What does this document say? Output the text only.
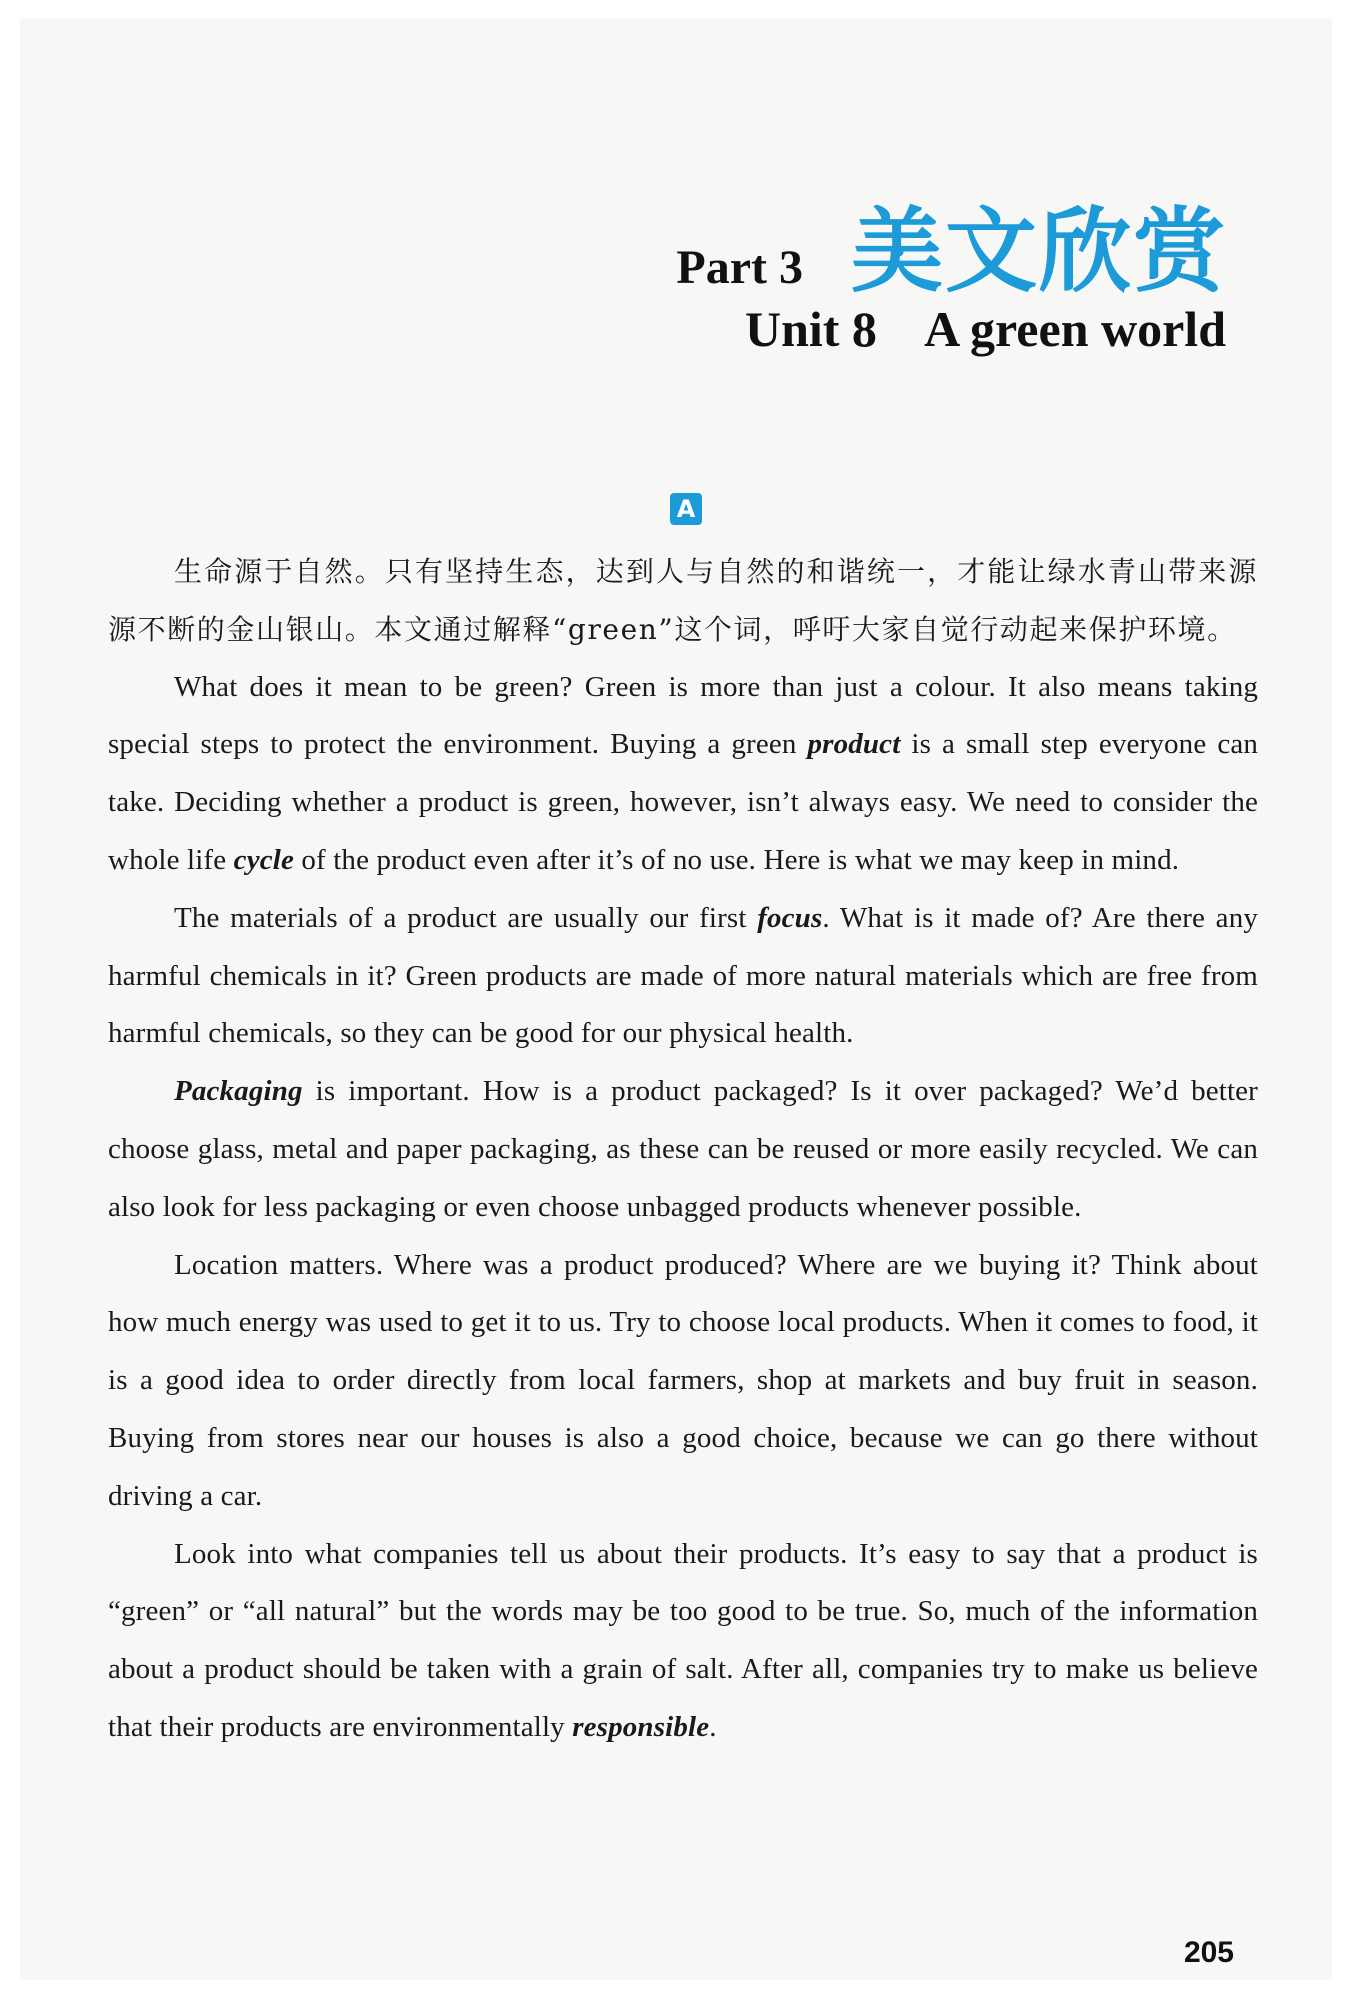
Part 3 美文欣赏
Unit 8    A green world
A

生命源于自然。只有坚持生态，达到人与自然的和谐统一，才能让绿水青山带来源源不断的金山银山。本文通过解释“green”这个词，呼吁大家自觉行动起来保护环境。

What does it mean to be green? Green is more than just a colour. It also means taking special steps to protect the environment. Buying a green product is a small step everyone can take. Deciding whether a product is green, however, isn’t always easy. We need to consider the whole life cycle of the product even after it’s of no use. Here is what we may keep in mind.

The materials of a product are usually our first focus. What is it made of? Are there any harmful chemicals in it? Green products are made of more natural materials which are free from harmful chemicals, so they can be good for our physical health.

Packaging is important. How is a product packaged? Is it over packaged? We’d better choose glass, metal and paper packaging, as these can be reused or more easily recycled. We can also look for less packaging or even choose unbagged products whenever possible.

Location matters. Where was a product produced? Where are we buying it? Think about how much energy was used to get it to us. Try to choose local products. When it comes to food, it is a good idea to order directly from local farmers, shop at markets and buy fruit in season. Buying from stores near our houses is also a good choice, because we can go there without driving a car.

Look into what companies tell us about their products. It’s easy to say that a product is “green” or “all natural” but the words may be too good to be true. So, much of the information about a product should be taken with a grain of salt. After all, companies try to make us believe that their products are environmentally responsible.

205
